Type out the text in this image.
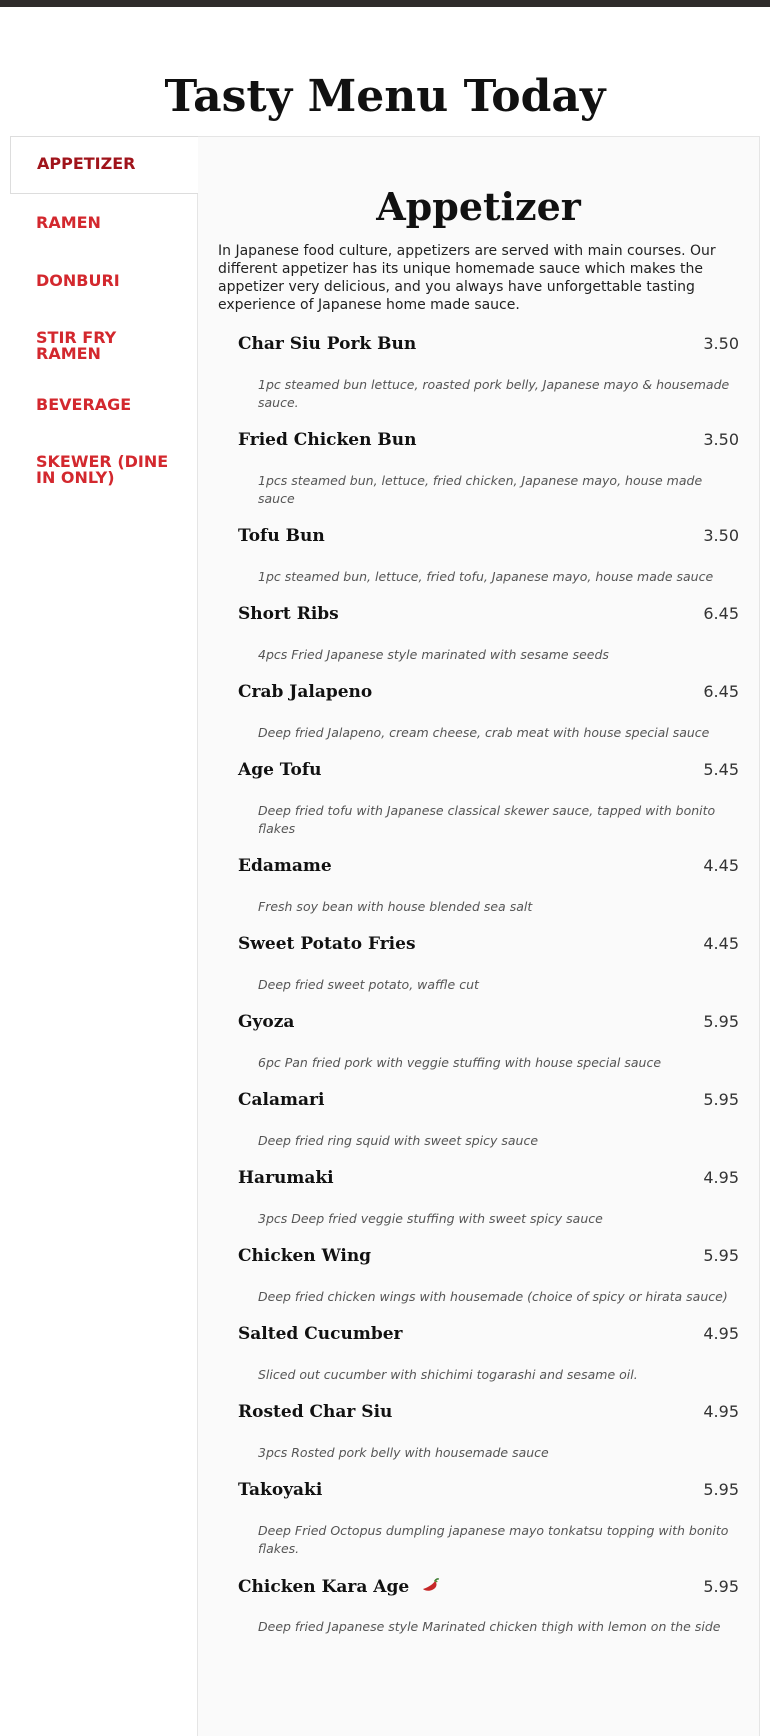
Tasty Menu Today
APPETIZER
RAMEN
DONBURI
STIR FRY RAMEN
BEVERAGE
SKEWER (DINE IN ONLY)
Appetizer

In Japanese food culture, appetizers are served with main courses. Our different appetizer has its unique homemade sauce which makes the appetizer very delicious, and you always have unforgettable tasting experience of Japanese home made sauce.

Char Siu Pork Bun	3.50
1pc steamed bun lettuce, roasted pork belly, Japanese mayo & housemade sauce.
Fried Chicken Bun	3.50
1pcs steamed bun, lettuce, fried chicken, Japanese mayo, house made sauce
Tofu Bun	3.50
1pc steamed bun, lettuce, fried tofu, Japanese mayo, house made sauce
Short Ribs	6.45
4pcs Fried Japanese style marinated with sesame seeds
Crab Jalapeno	6.45
Deep fried Jalapeno, cream cheese, crab meat with house special sauce
Age Tofu	5.45
Deep fried tofu with Japanese classical skewer sauce, tapped with bonito flakes
Edamame	4.45
Fresh soy bean with house blended sea salt
Sweet Potato Fries	4.45
Deep fried sweet potato, waffle cut
Gyoza	5.95
6pc Pan fried pork with veggie stuffing with house special sauce
Calamari	5.95
Deep fried ring squid with sweet spicy sauce
Harumaki	4.95
3pcs Deep fried veggie stuffing with sweet spicy sauce
Chicken Wing	5.95
Deep fried chicken wings with housemade (choice of spicy or hirata sauce)
Salted Cucumber	4.95
Sliced out cucumber with shichimi togarashi and sesame oil.
Rosted Char Siu	4.95
3pcs Rosted pork belly with housemade sauce
Takoyaki	5.95
Deep Fried Octopus dumpling japanese mayo tonkatsu topping with bonito flakes.
Chicken Kara Age	5.95
Deep fried Japanese style Marinated chicken thigh with lemon on the side
